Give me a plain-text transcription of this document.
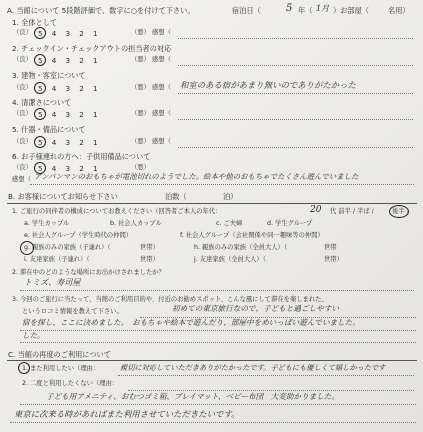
A. 当館について 5段階評価で、数字に○を付けて下さい。	宿泊日（	5 年（ 1月 ）お部屋（	名用）
1. 全体として
（良） 5　4　3　2　1	（悪） 感想（
2. チェックイン・チェックアウトの担当者の対応
（良） 5　4　3　2　1	（悪） 感想（
3. 建物・客室について
（良） 5　4　3　2　1	（悪） 感想（ 和室のある宿があまり無いのでありがたかった
4. 清潔さについて
（良） 5　4　3　2　1	（悪） 感想（
5. 什器・備品について
（良） 5　4　3　2　1	（悪） 感想（
6. お子様連れの方へ：子供用備品について
（良） 5　4　3　2　1	（悪）
感想（ アンパンマンのおもちゃが電池切れのようでした。絵本や他のおもちゃでたくさん遊んでいました
B. お客様についてお知らせ下さい	泊数（	泊）
1. ご旅行の同伴者の構成についてお教えください（回答者ご本人の年代：	20 代 前半 / 半ば /	後半 ）
a. 学生カップル	b. 社会人カップル	c. ご夫婦	d. 学生グループ
e. 社会人グループ（学生時代の仲間）	f. 社会人グループ（会社関係や同一趣味等の仲間）
g. 親族のみの家族（子連れ）（	世帯）	h. 親族のみの家族（全員大人）（	世帯
i. 友達家族（子連れ）（	世帯）	j. 友達家族（全員大人）（	世帯）
2. 滞在中のどのような場所にお出かけされましたか？
トミズ、寿司屋
3. 今回のご旅行に当たって、当館のご利用目的や、付近のお勧めスポット、こんな風にして滞在を楽しまれた、
というロコミ情報を教えて下さい。	初めての東京旅行なので、子どもと過ごしやすい
宿を探し、ここに決めました。　おもちゃや絵本で遊んだり、部屋中をめいっぱい遊んでいました。
した。
C. 当館の再度のご利用について
1. また利用したい（理由：	親切に対応していただきありがたかったです。子どもにも優しくて嬉しかったです
2. 二度と利用したくない（理由：
子ども用アメニティ、おむつゴミ箱、プレイマット、ベビー布団　大変助かりました。
東京に次来る時があればまた利用させていただきたいです。
